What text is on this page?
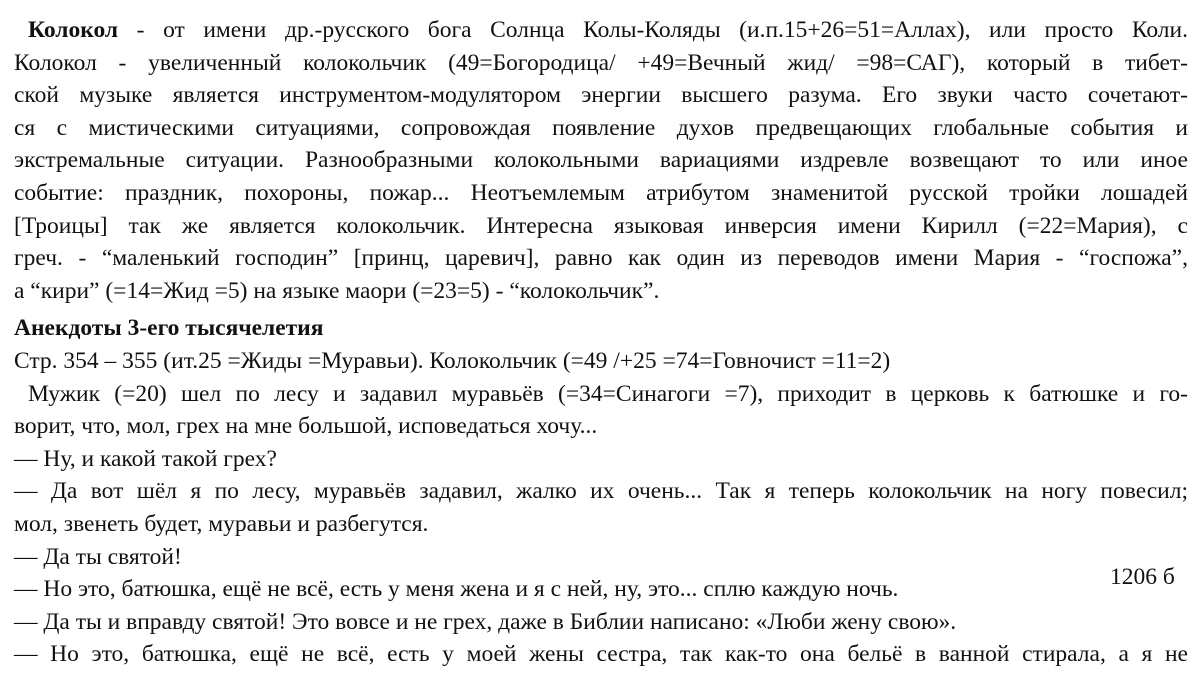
Колокол - от имени др.-русского бога Солнца Колы-Коляды (и.п.15+26=51=Аллах), или просто Коли.
Колокол - увеличенный колокольчик (49=Богородица/ +49=Вечный жид/ =98=САГ), который в тибет-
ской музыке является инструментом-модулятором энергии высшего разума. Его звуки часто сочетают-
ся с мистическими ситуациями, сопровождая появление духов предвещающих глобальные события и
экстремальные ситуации. Разнообразными колокольными вариациями издревле возвещают то или иное
событие: праздник, похороны, пожар... Неотъемлемым атрибутом знаменитой русской тройки лошадей
[Троицы] так же является колокольчик. Интересна языковая инверсия имени Кирилл (=22=Мария), с
греч. - “маленький господин” [принц, царевич], равно как один из переводов имени Мария - “госпожа”,
а “кири” (=14=Жид =5) на языке маори (=23=5) - “колокольчик”.
Анекдоты 3-его тысячелетия
Стр. 354 – 355 (ит.25 =Жиды =Муравьи). Колокольчик (=49 /+25 =74=Говночист =11=2)
Мужик (=20) шел по лесу и задавил муравьёв (=34=Синагоги =7), приходит в церковь к батюшке и го-
ворит, что, мол, грех на мне большой, исповедаться хочу...
— Ну, и какой такой грех?
— Да вот шёл я по лесу, муравьёв задавил, жалко их очень... Так я теперь колокольчик на ногу повесил;
мол, звенеть будет, муравьи и разбегутся.
— Да ты святой!
— Но это, батюшка, ещё не всё, есть у меня жена и я с ней, ну, это... сплю каждую ночь.
— Да ты и вправду святой! Это вовсе и не грех, даже в Библии написано: «Люби жену свою».
— Но это, батюшка, ещё не всё, есть у моей жены сестра, так как-то она бельё в ванной стирала, а я не
1206 б
